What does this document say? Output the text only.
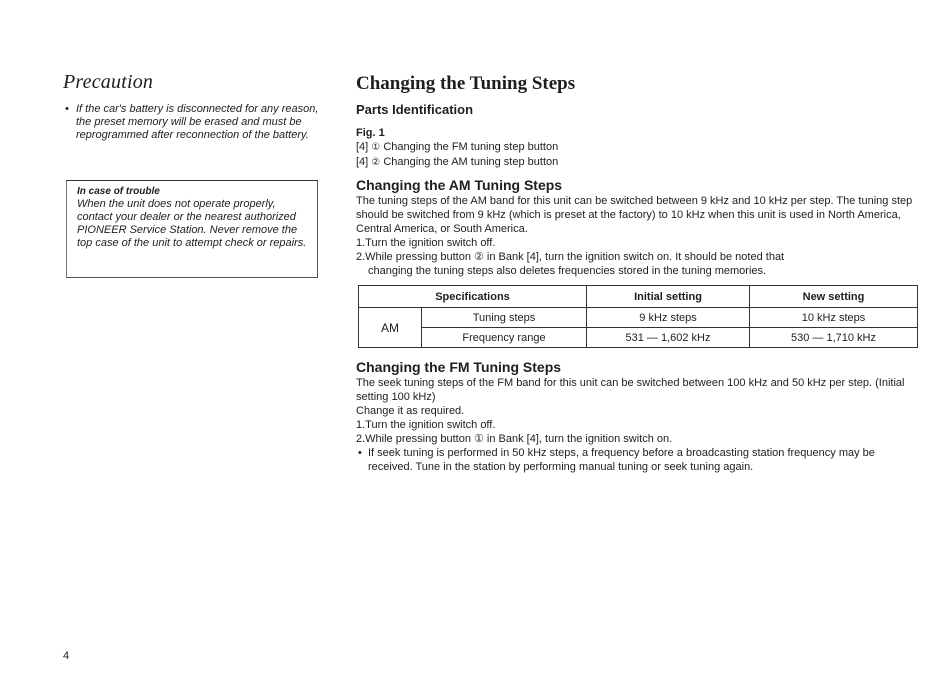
Precaution

• If the car's battery is disconnected for any reason, the preset memory will be erased and must be reprogrammed after reconnection of the battery.

In case of trouble
When the unit does not operate properly, contact your dealer or the nearest authorized PIONEER Service Station. Never remove the top case of the unit to attempt check or repairs.
Changing the Tuning Steps
Parts Identification
Fig. 1
[4] ① Changing the FM tuning step button
[4] ② Changing the AM tuning step button
Changing the AM Tuning Steps

The tuning steps of the AM band for this unit can be switched between 9 kHz and 10 kHz per step. The tuning step should be switched from 9 kHz (which is preset at the factory) to 10 kHz when this unit is used in North America, Central America, or South America.

1.Turn the ignition switch off.

2.While pressing button ② in Bank [4], turn the ignition switch on. It should be noted that

changing the tuning steps also deletes frequencies stored in the tuning memories.

Specifications		Initial setting	New setting
AM	Tuning steps	9 kHz steps	10 kHz steps
	Frequency range	531 — 1,602 kHz	530 — 1,710 kHz
Changing the FM Tuning Steps

The seek tuning steps of the FM band for this unit can be switched between 100 kHz and 50 kHz per step. (Initial setting 100 kHz)

Change it as required.

1.Turn the ignition switch off.

2.While pressing button ① in Bank [4], turn the ignition switch on.

• If seek tuning is performed in 50 kHz steps, a frequency before a broadcasting station frequency may be received. Tune in the station by performing manual tuning or seek tuning again.
4
